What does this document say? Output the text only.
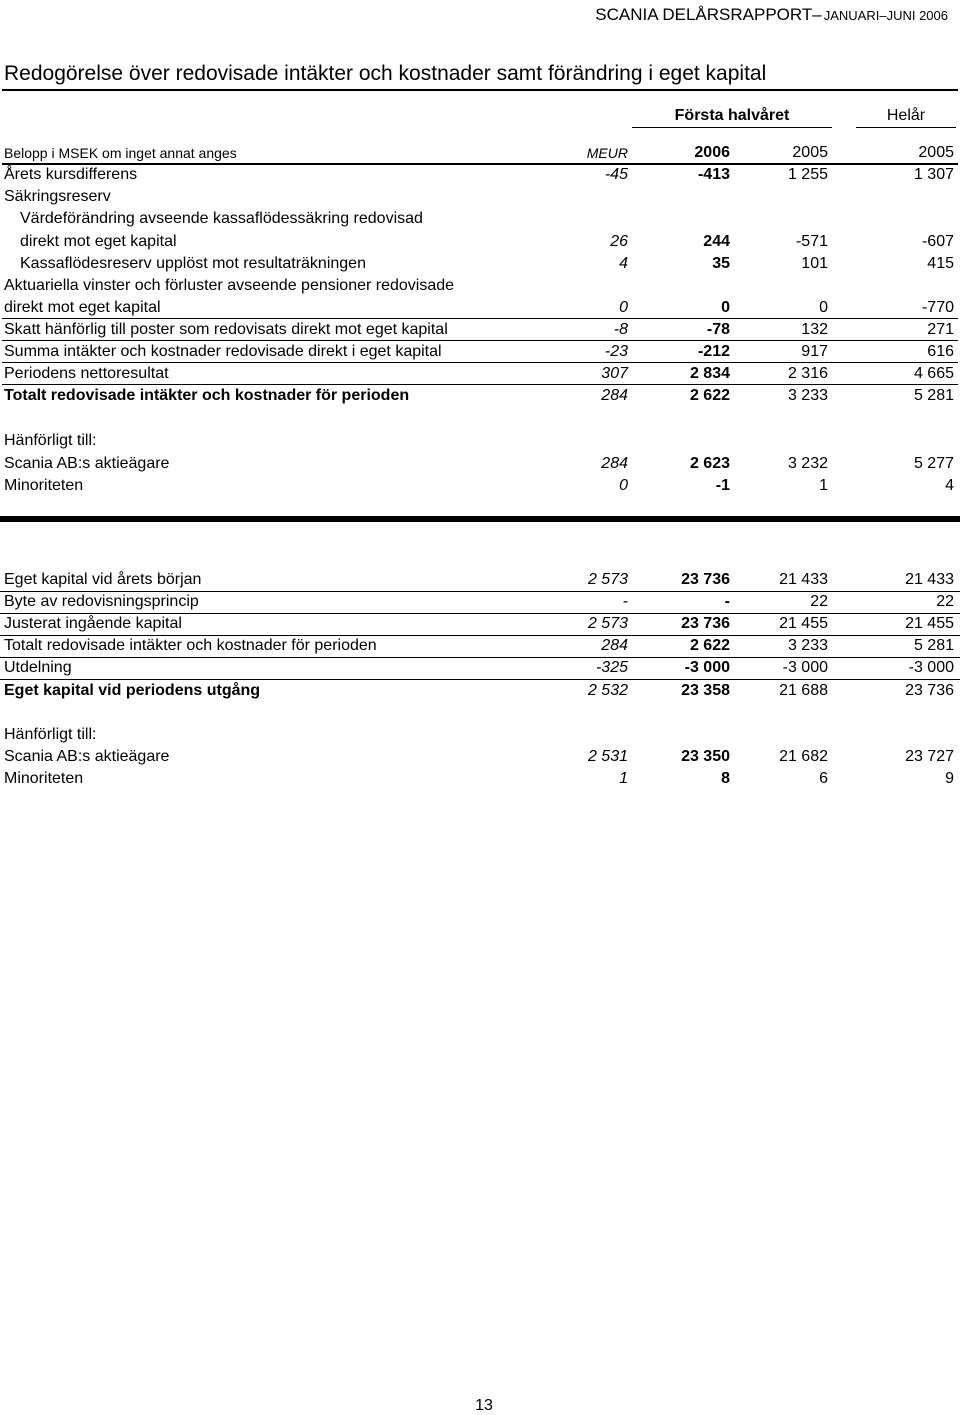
SCANIA DELÅRSRAPPORT– JANUARI–JUNI 2006
Redogörelse över redovisade intäkter och kostnader samt förändring i eget kapital
Första halvåret	Helår
Belopp i MSEK om inget annat anges	MEUR	2006	2005	2005
Årets kursdifferens	-45	-413	1 255	1 307
Säkringsreserv
Värdeförändring avseende kassaflödessäkring redovisad
direkt mot eget kapital	26	244	-571	-607
Kassaflödesreserv upplöst mot resultaträkningen	4	35	101	415
Aktuariella vinster och förluster avseende pensioner redovisade
direkt mot eget kapital	0	0	0	-770
Skatt hänförlig till poster som redovisats direkt mot eget kapital	-8	-78	132	271
Summa intäkter och kostnader redovisade direkt i eget kapital	-23	-212	917	616
Periodens nettoresultat	307	2 834	2 316	4 665
Totalt redovisade intäkter och kostnader för perioden	284	2 622	3 233	5 281
Hänförligt till:
Scania AB:s aktieägare	284	2 623	3 232	5 277
Minoriteten	0	-1	1	4
Eget kapital vid årets början	2 573	23 736	21 433	21 433
Byte av redovisningsprincip	-	-	22	22
Justerat ingående kapital	2 573	23 736	21 455	21 455
Totalt redovisade intäkter och kostnader för perioden	284	2 622	3 233	5 281
Utdelning	-325	-3 000	-3 000	-3 000
Eget kapital vid periodens utgång	2 532	23 358	21 688	23 736
Hänförligt till:
Scania AB:s aktieägare	2 531	23 350	21 682	23 727
Minoriteten	1	8	6	9
13
